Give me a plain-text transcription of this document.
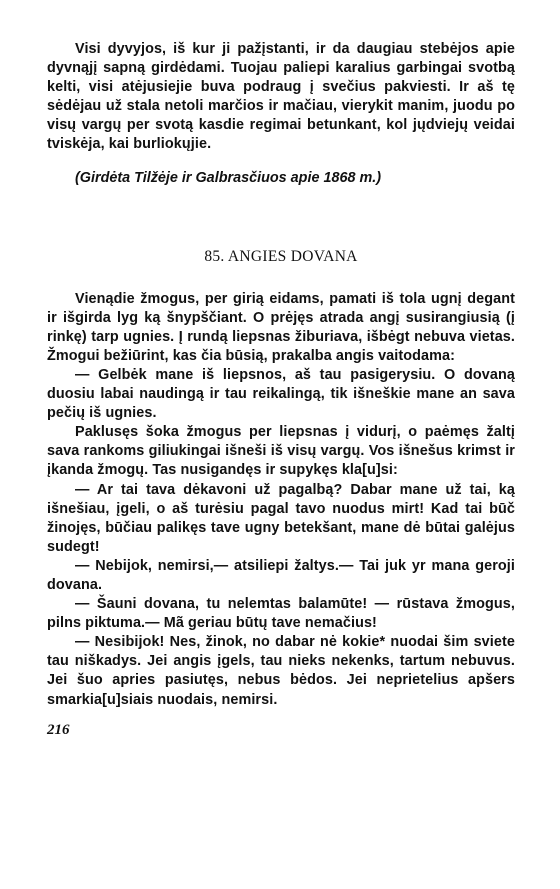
Visi dyvyjos, iš kur ji pažįstanti, ir da daugiau stebėjos apie dyvnąjį sapną girdėdami. Tuojau paliepi karalius garbingai svotbą kelti, visi atėjusiejie buva podraug į svečius pakviesti. Ir aš tę sėdėjau už stala netoli marčios ir mačiau, vierykit manim, juodu po visų vargų per svotą kasdie regimai betunkant, kol jųdviejų veidai tviskėja, kai burliokųjie.

(Girdėta Tilžėje ir Galbrasčiuos apie 1868 m.)

85. ANGIES DOVANA

Vienądie žmogus, per girią eidams, pamati iš tola ugnį degant ir išgirda lyg ką šnypščiant. O prėjęs atrada angį susirangiusią (į rinkę) tarp ugnies. Į rundą liepsnas žiburiava, išbėgt nebuva vietas. Žmogui bežiūrint, kas čia būsią, prakalba angis vaitodama:

— Gelbėk mane iš liepsnos, aš tau pasigerysiu. O dovaną duosiu labai naudingą ir tau reikalingą, tik išneškie mane an savа pečių iš ugnies.

Paklusęs šoka žmogus per liepsnas į vidurį, o paėmęs žaltį sava rankoms giliukingai išneši iš visų vargų. Vos išnešus krimst ir įkanda žmogų. Tas nusigandęs ir supykęs kla[u]si:

— Ar tai tava dėkavoni už pagalbą? Dabar mane už tai, ką išnešiau, įgeli, o aš turėsiu pagal tavo nuodus mirt! Kad tai būč žinojęs, būčiau palikęs tave ugny betekšant, mane dė būtai galėjus sudegt!

— Nebijok, nemirsi,— atsiliepi žaltys.— Tai juk yr mana geroji dovana.

— Šauni dovana, tu nelemtas balamūte! — rūstava žmogus, pilns piktuma.— Mã geriau būtų tave nemačius!

— Nesibijok! Nes, žinok, no dabar nė kokie* nuodai šim sviete tau niškadys. Jei angis įgels, tau nieks nekenks, tartum nebuvus. Jei šuo apries pasiutęs, nebus bėdos. Jei neprietelius apšers smarkia[u]siais nuodais, nemirsi.

216
